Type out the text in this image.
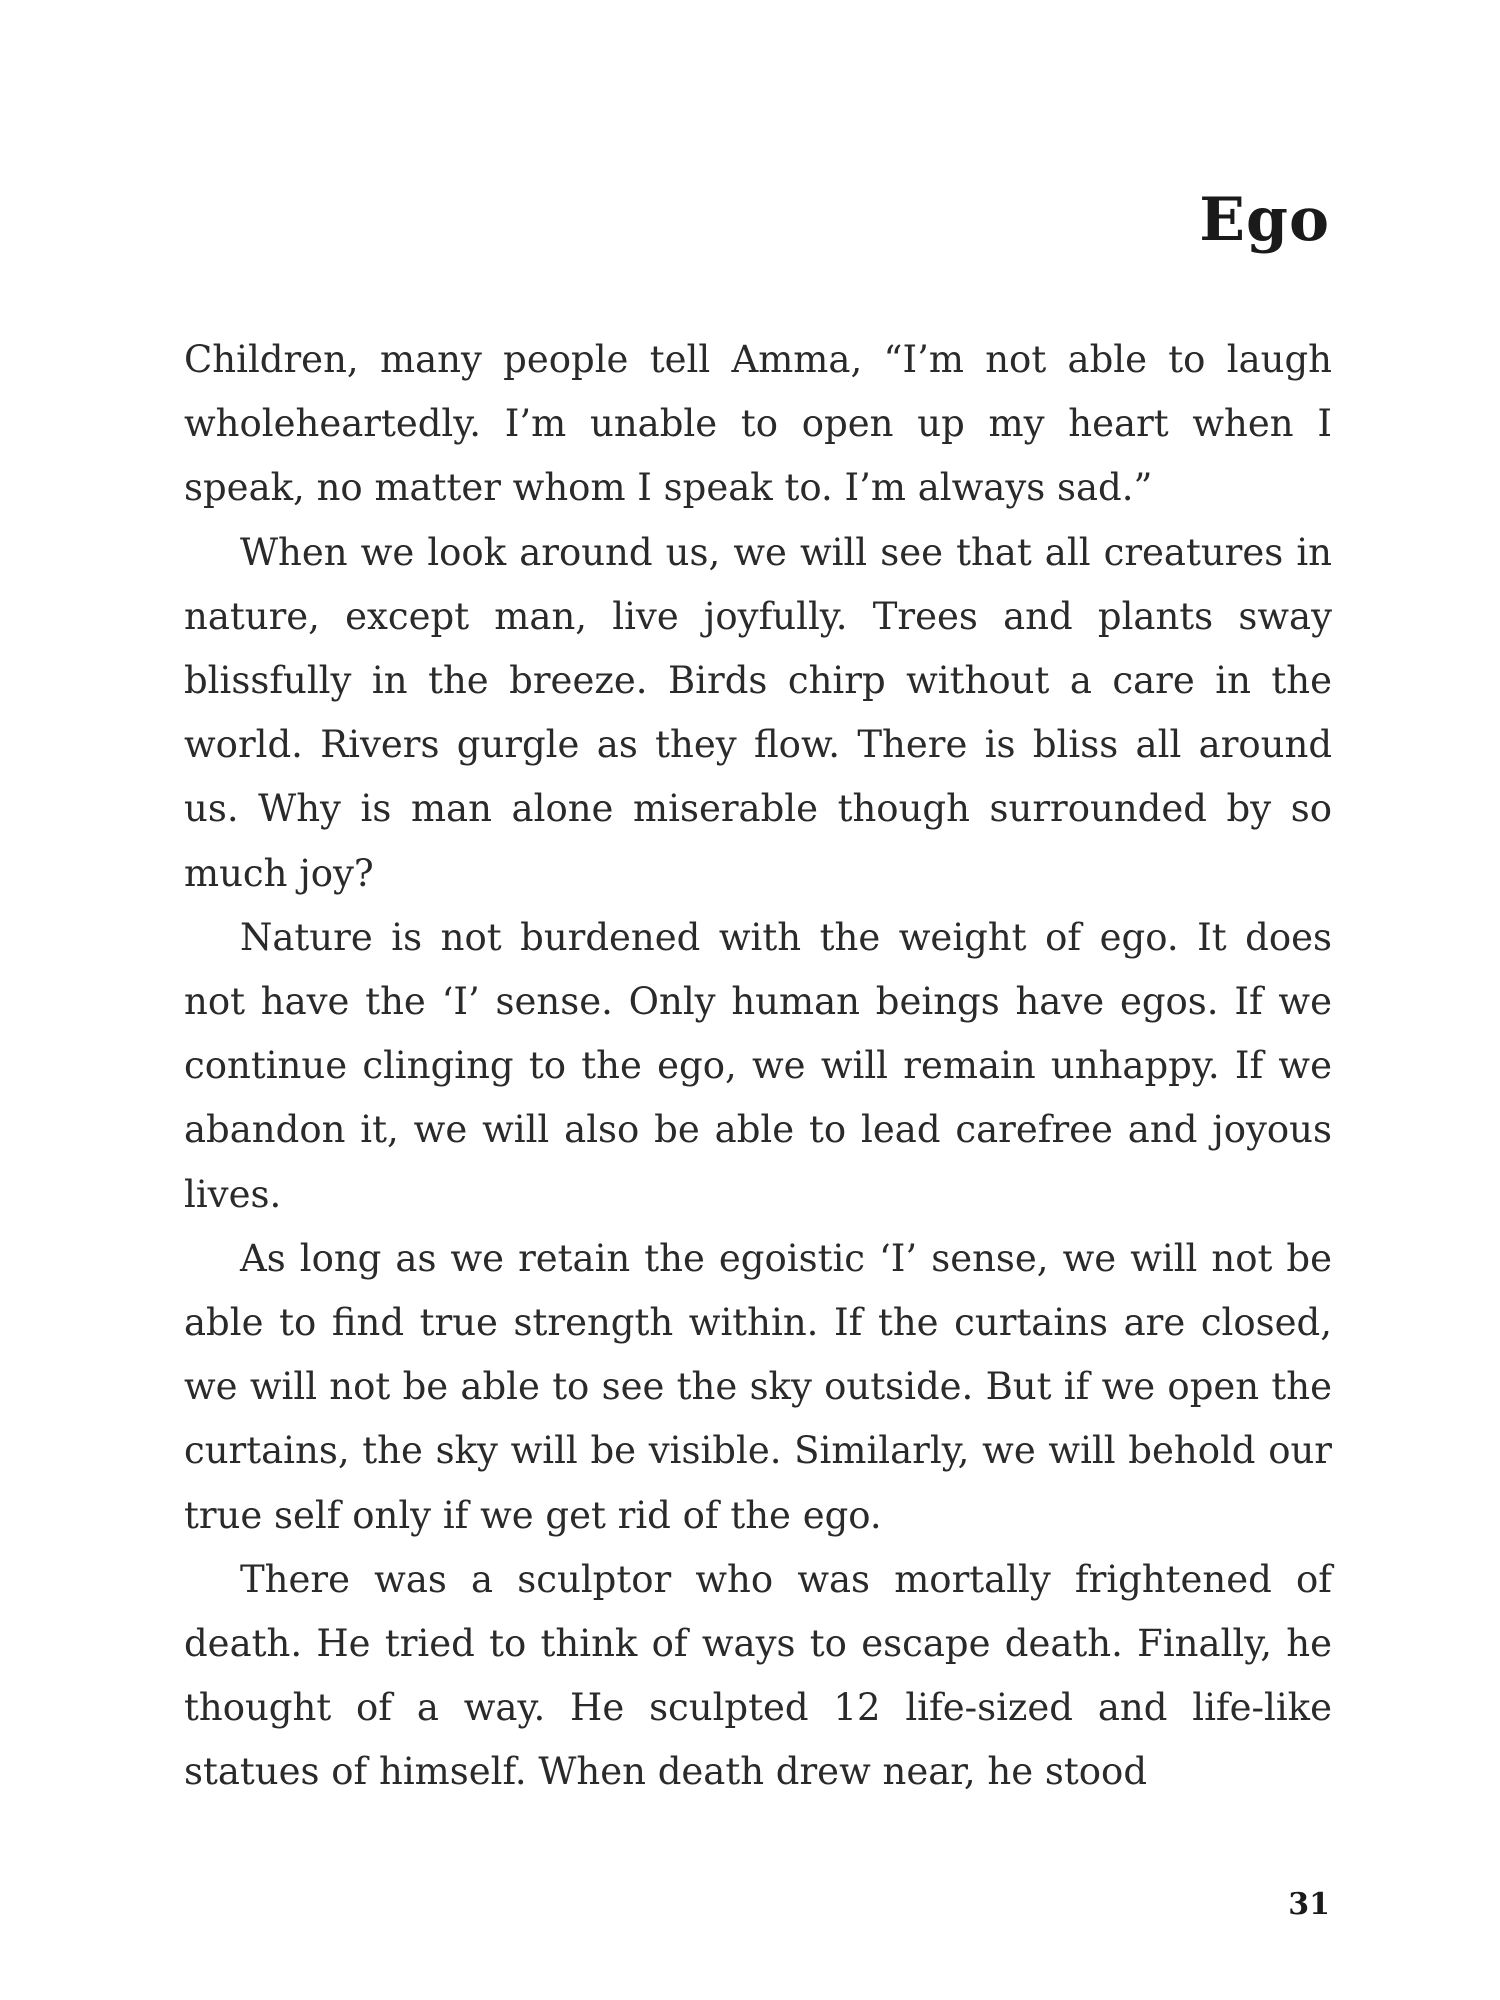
Ego

Children, many people tell Amma, “I’m not able to laugh wholeheartedly. I’m unable to open up my heart when I speak, no matter whom I speak to. I’m always sad.”

When we look around us, we will see that all creatures in nature, except man, live joyfully. Trees and plants sway blissfully in the breeze. Birds chirp without a care in the world. Rivers gurgle as they flow. There is bliss all around us. Why is man alone miserable though surrounded by so much joy?

Nature is not burdened with the weight of ego. It does not have the ‘I’ sense. Only human beings have egos. If we continue clinging to the ego, we will remain unhappy. If we abandon it, we will also be able to lead carefree and joyous lives.

As long as we retain the egoistic ‘I’ sense, we will not be able to find true strength within. If the curtains are closed, we will not be able to see the sky outside. But if we open the curtains, the sky will be visible. Similarly, we will behold our true self only if we get rid of the ego.

There was a sculptor who was mortally frightened of death. He tried to think of ways to escape death. Finally, he thought of a way. He sculpted 12 life-sized and life-like statues of himself. When death drew near, he stood

31
